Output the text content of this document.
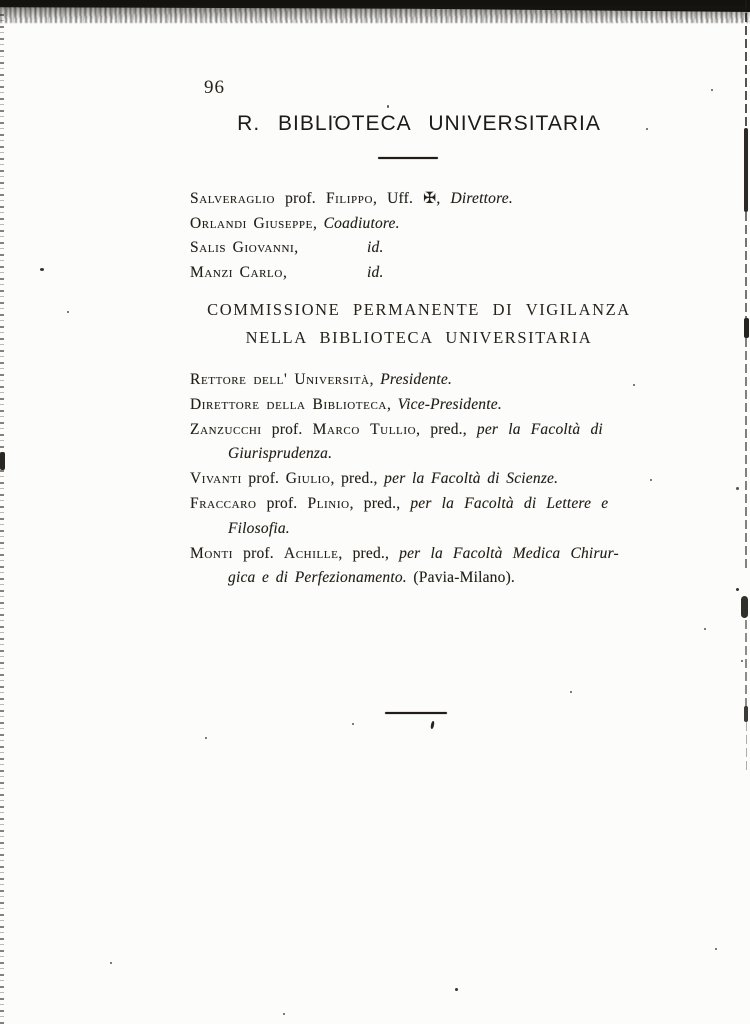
96
R. BIBLIOTECA UNIVERSITARIA

Salveraglio prof. Filippo, Uff. ✠, Direttore.

Orlandi Giuseppe, Coadiutore.

Salis Giovanni,	id.

Manzi Carlo,	id.

COMMISSIONE PERMANENTE DI VIGILANZA
NELLA BIBLIOTECA UNIVERSITARIA

Rettore dell' Università, Presidente.

Direttore della Biblioteca, Vice-Presidente.

Zanzucchi prof. Marco Tullio, pred., per la Facoltà di

Giurisprudenza.

Vivanti prof. Giulio, pred., per la Facoltà di Scienze.

Fraccaro prof. Plinio, pred., per la Facoltà di Lettere e

Filosofia.

Monti prof. Achille, pred., per la Facoltà Medica Chirur-

gica e di Perfezionamento. (Pavia-Milano).
